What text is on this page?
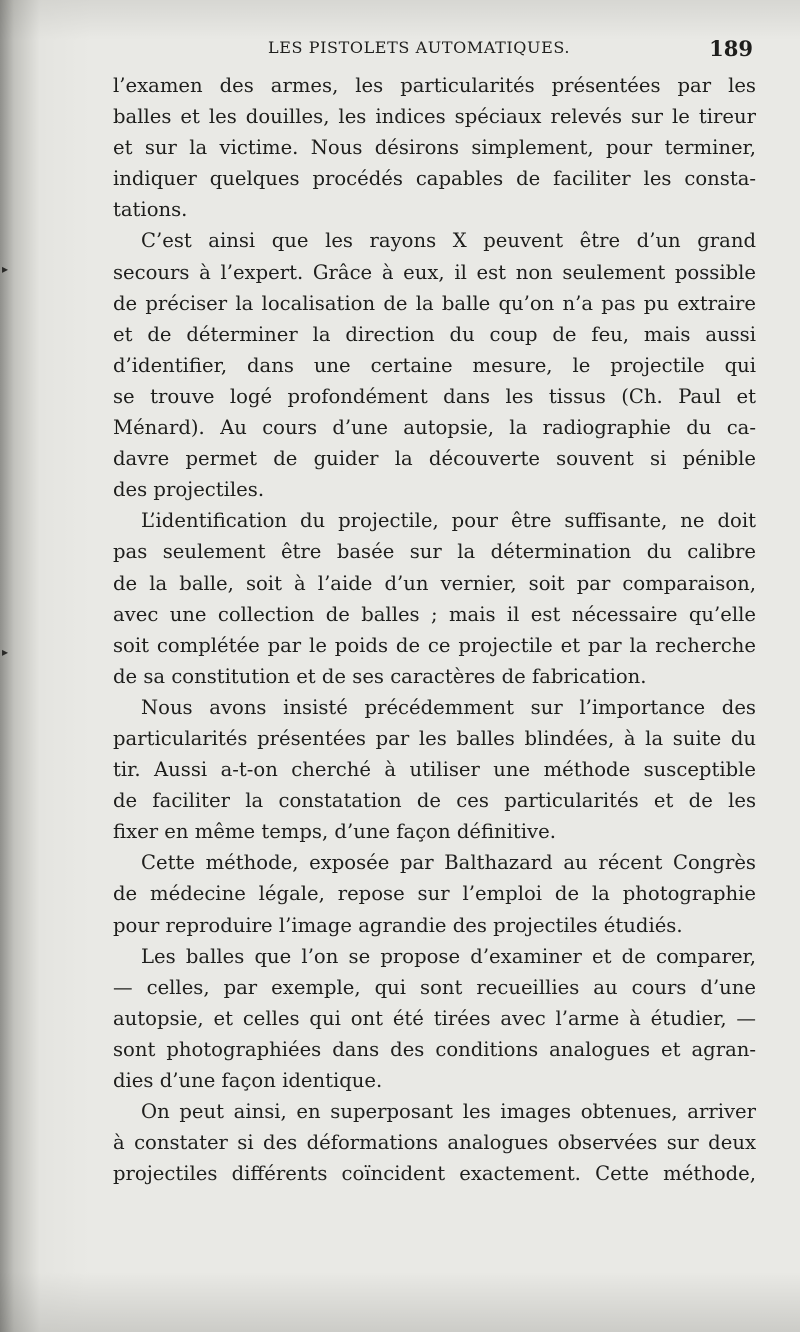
LES PISTOLETS AUTOMATIQUES.	189
▸
▸
l’examen des armes, les particularités présentées par les
balles et les douilles, les indices spéciaux relevés sur le tireur
et sur la victime. Nous désirons simplement, pour terminer,
indiquer quelques procédés capables de faciliter les consta-
tations.
C’est ainsi que les rayons X peuvent être d’un grand
secours à l’expert. Grâce à eux, il est non seulement possible
de préciser la localisation de la balle qu’on n’a pas pu extraire
et de déterminer la direction du coup de feu, mais aussi
d’identifier, dans une certaine mesure, le projectile qui
se trouve logé profondément dans les tissus (Ch. Paul et
Ménard). Au cours d’une autopsie, la radiographie du ca-
davre permet de guider la découverte souvent si pénible
des projectiles.
L’identification du projectile, pour être suffisante, ne doit
pas seulement être basée sur la détermination du calibre
de la balle, soit à l’aide d’un vernier, soit par comparaison,
avec une collection de balles ; mais il est nécessaire qu’elle
soit complétée par le poids de ce projectile et par la recherche
de sa constitution et de ses caractères de fabrication.
Nous avons insisté précédemment sur l’importance des
particularités présentées par les balles blindées, à la suite du
tir. Aussi a-t-on cherché à utiliser une méthode susceptible
de faciliter la constatation de ces particularités et de les
fixer en même temps, d’une façon définitive.
Cette méthode, exposée par Balthazard au récent Congrès
de médecine légale, repose sur l’emploi de la photographie
pour reproduire l’image agrandie des projectiles étudiés.
Les balles que l’on se propose d’examiner et de comparer,
— celles, par exemple, qui sont recueillies au cours d’une
autopsie, et celles qui ont été tirées avec l’arme à étudier, —
sont photographiées dans des conditions analogues et agran-
dies d’une façon identique.
On peut ainsi, en superposant les images obtenues, arriver
à constater si des déformations analogues observées sur deux
projectiles différents coïncident exactement. Cette méthode,
